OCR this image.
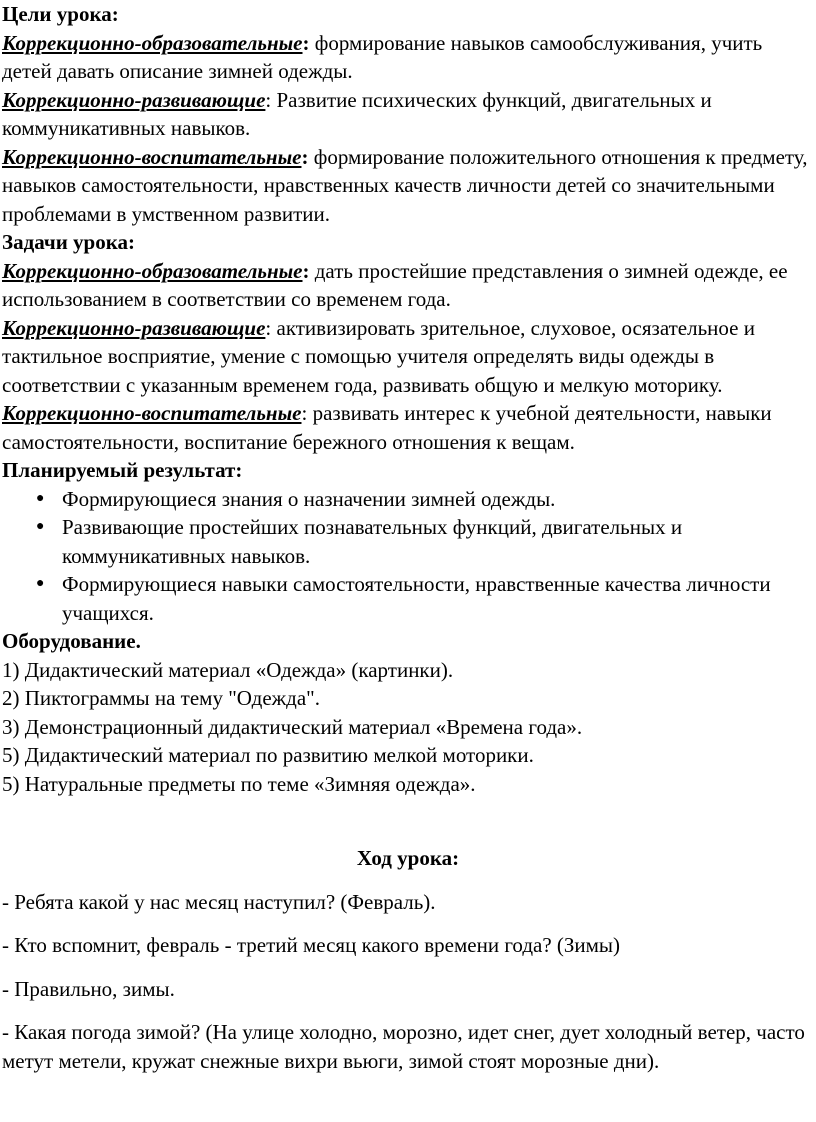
Цели урока:

Коррекционно-образовательные: формирование навыков самообслуживания, учить детей давать описание зимней одежды.

Коррекционно-развивающие: Развитие психических функций, двигательных и коммуникативных навыков.

Коррекционно-воспитательные: формирование положительного отношения к предмету, навыков самостоятельности, нравственных качеств личности детей со значительными проблемами в умственном развитии.

Задачи урока:

Коррекционно-образовательные: дать простейшие представления о зимней одежде, ее использованием в соответствии со временем года.

Коррекционно-развивающие: активизировать зрительное, слуховое, осязательное и тактильное восприятие, умение с помощью учителя определять виды одежды в соответствии с указанным временем года, развивать общую и мелкую моторику.

Коррекционно-воспитательные: развивать интерес к учебной деятельности, навыки самостоятельности, воспитание бережного отношения к вещам.

Планируемый результат:

● Формирующиеся знания о назначении зимней одежды.
● Развивающие простейших познавательных функций, двигательных и коммуникативных навыков.
● Формирующиеся навыки самостоятельности, нравственные качества личности учащихся.

Оборудование.

1) Дидактический материал «Одежда» (картинки).

2) Пиктограммы на тему "Одежда".

3) Демонстрационный дидактический материал «Времена года».

5) Дидактический материал по развитию мелкой моторики.

5) Натуральные предметы по теме «Зимняя одежда».

Ход урока:

- Ребята какой у нас месяц наступил? (Февраль).

- Кто вспомнит, февраль - третий месяц какого времени года? (Зимы)

- Правильно, зимы.

- Какая погода зимой? (На улице холодно, морозно, идет снег, дует холодный ветер, часто метут метели, кружат снежные вихри вьюги, зимой стоят морозные дни).
